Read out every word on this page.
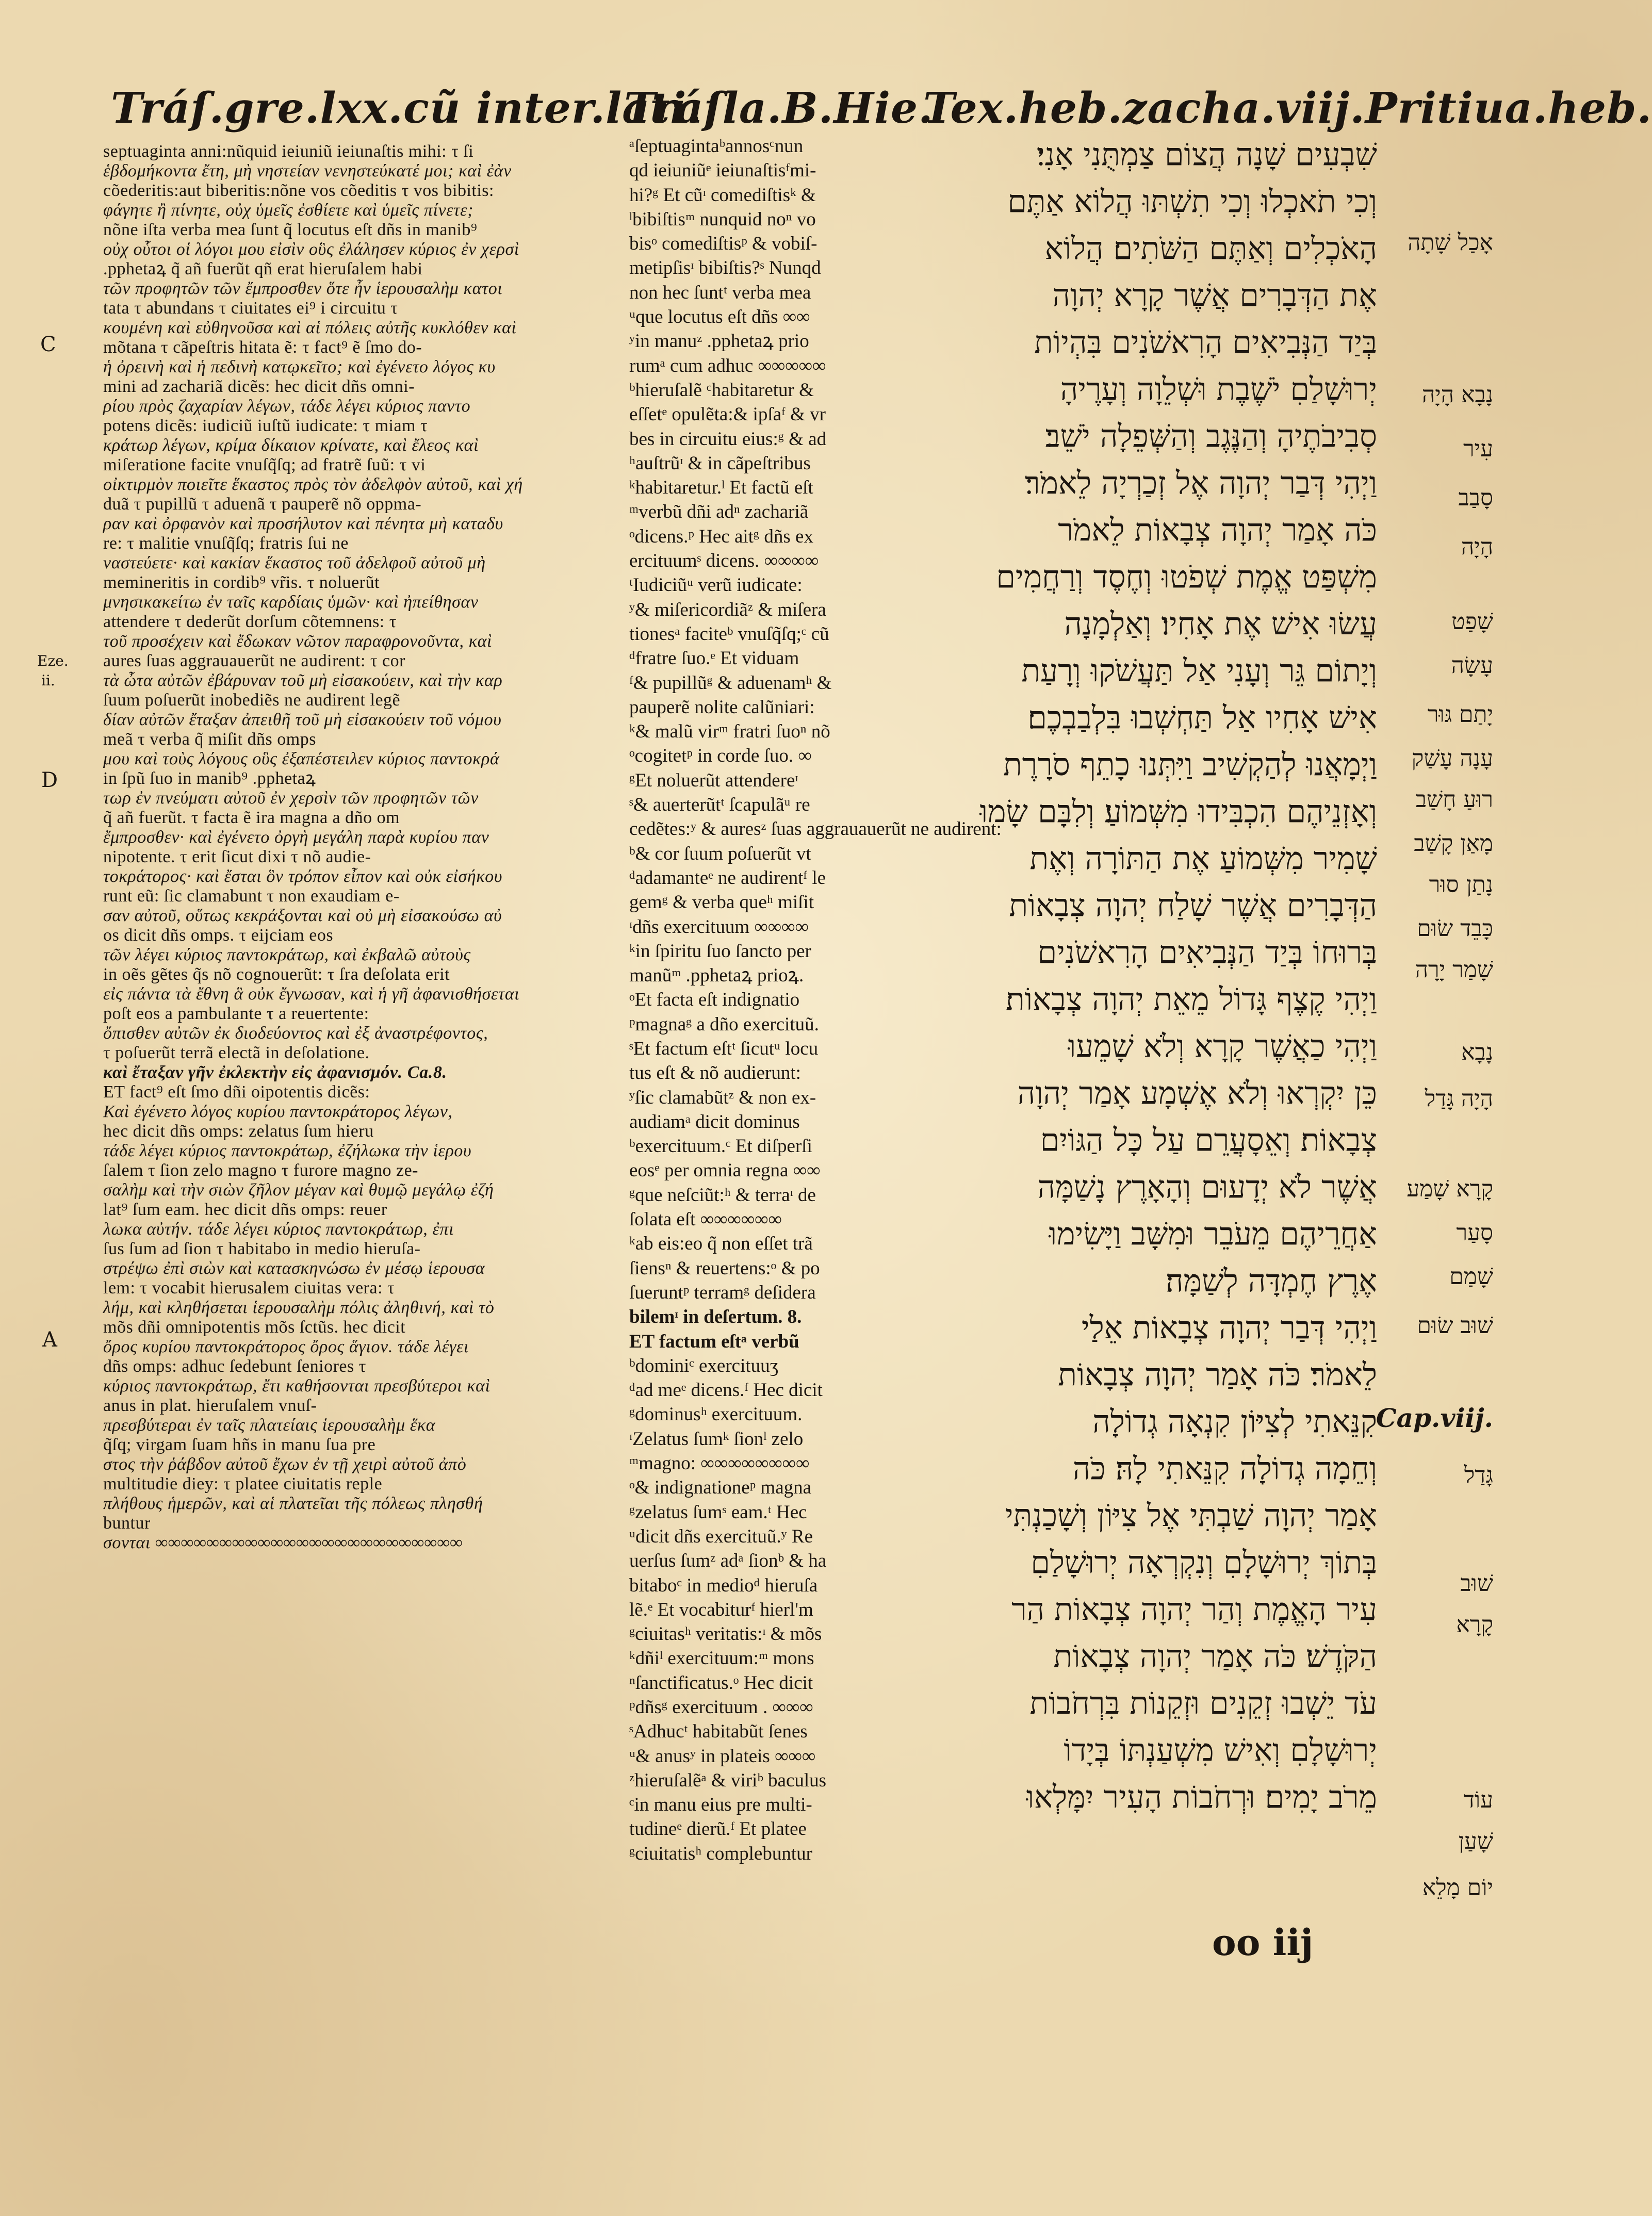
Tráſ.gre.lxx.cũ inter.lati.
Tráſla.B.Hie.
Tex.heb.zacha.viij.Pritiua.heb.
C
Eze.
ii.
D
A
septuaginta anni:nũquid ieiuniũ ieiunaſtis mihi: τ ſi
ἑβδομήκοντα ἔτη, μὴ νηστείαν νενηστεύκατέ μοι; καὶ ἐὰν
cõederitis:aut biberitis:nõne vos cõeditis τ vos bibitis:
φάγητε ἢ πίνητε, οὐχ ὑμεῖς ἐσθίετε καὶ ὑμεῖς πίνετε;
nõne iſta verba mea ſunt q̃ locutus eſt dñs in manib⁹
οὐχ οὗτοι οἱ λόγοι μου εἰσὶν οὓς ἐλάλησεν κύριος ἐν χερσὶ
.pphetaꝝ q̃ añ fuerũt qñ erat hieruſalem habi
τῶν προφητῶν τῶν ἔμπροσθεν ὅτε ἦν ἱερουσαλὴμ κατοι
tata τ abundans τ ciuitates ei⁹ i circuitu τ
κουμένη καὶ εὐθηνοῦσα καὶ αἱ πόλεις αὐτῆς κυκλόθεν καὶ
mõtana τ cãpeſtris hitata ẽ: τ fact⁹ ẽ ſmo do-
ἡ ὀρεινὴ καὶ ἡ πεδινὴ κατῳκεῖτο; καὶ ἐγένετο λόγος κυ
mini ad zachariã dicẽs: hec dicit dñs omni-
ρίου πρὸς ζαχαρίαν λέγων, τάδε λέγει κύριος παντο
potens dicẽs: iudiciũ iuſtũ iudicate: τ miam τ
κράτωρ λέγων, κρίμα δίκαιον κρίνατε, καὶ ἔλεος καὶ
miſeratione facite vnuſq̃ſq; ad fratrẽ ſuũ: τ vi
οἰκτιρμὸν ποιεῖτε ἕκαστος πρὸς τὸν ἀδελφὸν αὐτοῦ, καὶ χή
duã τ pupillũ τ aduenã τ pauperẽ nõ oppma-
ραν καὶ ὀρφανὸν καὶ προσήλυτον καὶ πένητα μὴ καταδυ
re: τ malitie vnuſq̃ſq; fratris ſui ne
ναστεύετε· καὶ κακίαν ἕκαστος τοῦ ἀδελφοῦ αὐτοῦ μὴ
memineritis in cordib⁹ vr̃is. τ noluerũt
μνησικακείτω ἐν ταῖς καρδίαις ὑμῶν· καὶ ἠπείθησαν
attendere τ dederũt dorſum cõtemnens: τ
τοῦ προσέχειν καὶ ἔδωκαν νῶτον παραφρονοῦντα, καὶ
aures ſuas aggrauauerũt ne audirent: τ cor
τὰ ὦτα αὐτῶν ἐβάρυναν τοῦ μὴ εἰσακούειν, καὶ τὴν καρ
ſuum poſuerũt inobediẽs ne audirent legẽ
δίαν αὐτῶν ἔταξαν ἀπειθῆ τοῦ μὴ εἰσακούειν τοῦ νόμου
meã τ verba q̃ miſit dñs omps
μου καὶ τοὺς λόγους οὓς ἐξαπέστειλεν κύριος παντοκρά
in ſpũ ſuo in manib⁹ .pphetaꝝ
τωρ ἐν πνεύματι αὐτοῦ ἐν χερσὶν τῶν προφητῶν τῶν
q̃ añ fuerũt. τ facta ẽ ira magna a dño om
ἔμπροσθεν· καὶ ἐγένετο ὀργὴ μεγάλη παρὰ κυρίου παν
nipotente. τ erit ſicut dixi τ nõ audie-
τοκράτορος· καὶ ἔσται ὃν τρόπον εἶπον καὶ οὐκ εἰσήκου
runt eũ: ſic clamabunt τ non exaudiam e-
σαν αὐτοῦ, οὕτως κεκράξονται καὶ οὐ μὴ εἰσακούσω αὐ
os dicit dñs omps. τ eijciam eos
τῶν λέγει κύριος παντοκράτωρ, καὶ ἐκβαλῶ αὐτοὺς
in oẽs gẽtes q̃s nõ cognouerũt: τ ſra deſolata erit
εἰς πάντα τὰ ἔθνη ἃ οὐκ ἔγνωσαν, καὶ ἡ γῆ ἀφανισθήσεται
poſt eos a pambulante τ a reuertente:
ὄπισθεν αὐτῶν ἐκ διοδεύοντος καὶ ἐξ ἀναστρέφοντος,
τ poſuerũt terrã electã in deſolatione.
καὶ ἔταξαν γῆν ἐκλεκτὴν εἰς ἀφανισμόν. Ca.8.
ET fact⁹ eſt ſmo dñi oipotentis dicẽs:
Καὶ ἐγένετο λόγος κυρίου παντοκράτορος λέγων,
hec dicit dñs omps: zelatus ſum hieru
τάδε λέγει κύριος παντοκράτωρ, ἐζήλωκα τὴν ἱερου
ſalem τ ſion zelo magno τ furore magno ze-
σαλὴμ καὶ τὴν σιὼν ζῆλον μέγαν καὶ θυμῷ μεγάλῳ ἐζή
lat⁹ ſum eam. hec dicit dñs omps: reuer
λωκα αὐτήν. τάδε λέγει κύριος παντοκράτωρ, ἐπι
ſus ſum ad ſion τ habitabo in medio hieruſa-
στρέψω ἐπὶ σιὼν καὶ κατασκηνώσω ἐν μέσῳ ἱερουσα
lem: τ vocabit hierusalem ciuitas vera: τ
λήμ, καὶ κληθήσεται ἱερουσαλὴμ πόλις ἀληθινή, καὶ τὸ
mõs dñi omnipotentis mõs ſctũs. hec dicit
ὄρος κυρίου παντοκράτορος ὄρος ἅγιον. τάδε λέγει
dñs omps: adhuc ſedebunt ſeniores τ
κύριος παντοκράτωρ, ἔτι καθήσονται πρεσβύτεροι καὶ
anus in plat. hieruſalem vnuſ-
πρεσβύτεραι ἐν ταῖς πλατείαις ἱερουσαλὴμ ἕκα
q̃ſq; virgam ſuam hñs in manu ſua pre
στος τὴν ῥάβδον αὐτοῦ ἔχων ἐν τῇ χειρὶ αὐτοῦ ἀπὸ
multitudie diey: τ platee ciuitatis reple
πλήθους ἡμερῶν, καὶ αἱ πλατεῖαι τῆς πόλεως πλησθή
buntur
σονται ∞∞∞∞∞∞∞∞∞∞∞∞∞∞∞∞∞∞∞∞∞∞∞∞
ᵃſeptuagintaᵇannosᶜnun
qd ieiuniũᵉ ieiunaſtisᶠmi-
hi?ᵍ Et cũᶦ comediſtisᵏ &
ˡbibiſtisᵐ nunquid noⁿ vo
bisᵒ comediſtisᵖ & vobiſ-
metipſisᶦ bibiſtis?ˢ Nunqd
non hec ſuntᵗ verba mea
ᵘque locutus eſt dñs ∞∞
ʸin manuᶻ .pphetaꝝ prio
rumᵃ cum adhuc ∞∞∞∞∞
ᵇhieruſalẽ ᶜhabitaretur &
eſſetᵉ opulẽta:& ipſaᶠ & vr
bes in circuitu eius:ᵍ & ad
ʰauſtrũᶦ & in cãpeſtribus
ᵏhabitaretur.ˡ Et factũ eſt
ᵐverbũ dñi adⁿ zachariã
ᵒdicens.ᵖ Hec aitᵍ dñs ex
ercituumˢ dicens. ∞∞∞∞
ᵗIudiciũᵘ verũ iudicate:
ʸ& miſericordiãᶻ & miſera
tionesᵃ faciteᵇ vnuſq̃ſq;ᶜ cũ
ᵈfratre ſuo.ᵉ Et viduam
ᶠ& pupillũᵍ & aduenamʰ &
pauperẽ nolite calũniari:
ᵏ& malũ virᵐ fratri ſuoⁿ nõ
ᵒcogitetᵖ in corde ſuo. ∞
ᵍEt noluerũt attendereᶦ
ˢ& auerterũtᵗ ſcapulãᵘ re
cedẽtes:ʸ & auresᶻ ſuas aggrauauerũt ne audirent:
ᵇ& cor ſuum poſuerũt vt
ᵈadamanteᵉ ne audirentᶠ le
gemᵍ & verba queʰ miſit
ᶦdñs exercituum ∞∞∞∞
ᵏin ſpiritu ſuo ſancto per
manũᵐ .pphetaꝝ prioꝝ.
ᵒEt facta eſt indignatio
ᵖmagnaᵍ a dño exercituũ.
ˢEt factum eſtᵗ ſicutᵘ locu
tus eſt & nõ audierunt:
ʸſic clamabũtᶻ & non ex-
audiamᵃ dicit dominus
ᵇexercituum.ᶜ Et diſperſi
eosᵉ per omnia regna ∞∞
ᵍque neſciũt:ʰ & terraᶦ de
ſolata eſt ∞∞∞∞∞∞
ᵏab eis:eo q̃ non eſſet trã
ſiensⁿ & reuertens:ᵒ & po
ſueruntᵖ terramᵍ deſidera
bilemᶦ in deſertum. 8.
ET factum eſtᵃ verbũ
ᵇdominiᶜ exercituuʒ
ᵈad meᵉ dicens.ᶠ Hec dicit
ᵍdominusʰ exercituum.
ᶦZelatus ſumᵏ ſionˡ zelo
ᵐmagno: ∞∞∞∞∞∞∞∞
ᵒ& indignationeᵖ magna
ᵍzelatus ſumˢ eam.ᵗ Hec
ᵘdicit dñs exercituũ.ʸ Re
uerſus ſumᶻ adᵃ ſionᵇ & ha
bitaboᶜ in medioᵈ hieruſa
lẽ.ᵉ Et vocabiturᶠ hierl'm
ᵍciuitasʰ veritatis:ᶦ & mõs
ᵏdñiˡ exercituum:ᵐ mons
ⁿſanctificatus.ᵒ Hec dicit
ᵖdñsᵍ exercituum . ∞∞∞
ˢAdhucᵗ habitabũt ſenes
ᵘ& anusʸ in plateis ∞∞∞
ᶻhieruſalẽᵃ & viriᵇ baculus
ᶜin manu eius pre multi-
tudineᵉ dierũ.ᶠ Et platee
ᵍciuitatisʰ complebuntur
שִׁבְעִים שָׁנָה הֲצוֹם צַמְתֻּנִי אָנִי׃
וְכִי תֹאכְלוּ וְכִי תִשְׁתּוּ הֲלוֹא אַתֶּם
הָאֹכְלִים וְאַתֶּם הַשֹּׁתִים׃ הֲלוֹא
אֶת הַדְּבָרִים אֲשֶׁר קָרָא יְהוָה
בְּיַד הַנְּבִיאִים הָרִאשֹׁנִים בִּהְיוֹת
יְרוּשָׁלַםִ יֹשֶׁבֶת וּשְׁלֵוָה וְעָרֶיהָ
סְבִיבֹתֶיהָ וְהַנֶּגֶב וְהַשְּׁפֵלָה יֹשֵׁב׃
וַיְהִי דְּבַר יְהוָה אֶל זְכַרְיָה לֵאמֹר׃
כֹּה אָמַר יְהוָה צְבָאוֹת לֵאמֹר
מִשְׁפַּט אֱמֶת שְׁפֹטוּ וְחֶסֶד וְרַחֲמִים
עֲשׂוּ אִישׁ אֶת אָחִיו׃ וְאַלְמָנָה
וְיָתוֹם גֵּר וְעָנִי אַל תַּעֲשֹׁקוּ וְרָעַת
אִישׁ אָחִיו אַל תַּחְשְׁבוּ בִּלְבַבְכֶם׃
וַיְמָאֲנוּ לְהַקְשִׁיב וַיִּתְּנוּ כָתֵף סֹרָרֶת
וְאָזְנֵיהֶם הִכְבִּידוּ מִשְּׁמוֹעַ׃ וְלִבָּם שָׂמוּ
שָׁמִיר מִשְּׁמוֹעַ אֶת הַתּוֹרָה וְאֶת
הַדְּבָרִים אֲשֶׁר שָׁלַח יְהוָה צְבָאוֹת
בְּרוּחוֹ בְּיַד הַנְּבִיאִים הָרִאשֹׁנִים
וַיְהִי קֶצֶף גָּדוֹל מֵאֵת יְהוָה צְבָאוֹת׃
וַיְהִי כַאֲשֶׁר קָרָא וְלֹא שָׁמֵעוּ
כֵּן יִקְרְאוּ וְלֹא אֶשְׁמָע אָמַר יְהוָה
צְבָאוֹת׃ וְאֵסָעֲרֵם עַל כָּל הַגּוֹיִם
אֲשֶׁר לֹא יְדָעוּם וְהָאָרֶץ נָשַׁמָּה
אַחֲרֵיהֶם מֵעֹבֵר וּמִשָּׁב וַיָּשִׂימוּ
אֶרֶץ חֶמְדָּה לְשַׁמָּה׃
וַיְהִי דְּבַר יְהוָה צְבָאוֹת אֵלַי
לֵאמֹר׃ כֹּה אָמַר יְהוָה צְבָאוֹת
קִנֵּאתִי לְצִיּוֹן קִנְאָה גְדוֹלָה
וְחֵמָה גְדוֹלָה קִנֵּאתִי לָהּ׃ כֹּה
אָמַר יְהוָה שַׁבְתִּי אֶל צִיּוֹן וְשָׁכַנְתִּי
בְּתוֹךְ יְרוּשָׁלָםִ וְנִקְרְאָה יְרוּשָׁלַםִ
עִיר הָאֱמֶת וְהַר יְהוָה צְבָאוֹת הַר
הַקֹּדֶשׁ׃ כֹּה אָמַר יְהוָה צְבָאוֹת
עֹד יֵשְׁבוּ זְקֵנִים וּזְקֵנוֹת בִּרְחֹבוֹת
יְרוּשָׁלָםִ וְאִישׁ מִשְׁעַנְתּוֹ בְּיָדוֹ
מֵרֹב יָמִים׃ וּרְחֹבוֹת הָעִיר יִמָּלְאוּ
אָכַל שָׁתָה
נָבָא הָיָה
עִיר
סָבַב
הָיָה
שָׁפַט
עָשָׂה
יָתַם גּוּר
עָנָה עָשַׁק
רוּעַ חָשַׁב
מָאַן קָשַׁב
נָתַן סוּר
כָּבֵד שׂוּם
שָׁמַר יָרָה
נָבָא
הָיָה גָּדַל
קָרָא שָׁמַע
סָעַר
שָׁמַם
שׁוּב שׂוּם
Cap.viij.
גָּדַל
שׁוּב
קָרָא
עוֹד
שָׁעַן
יוֹם מָלֵא
oo iij
